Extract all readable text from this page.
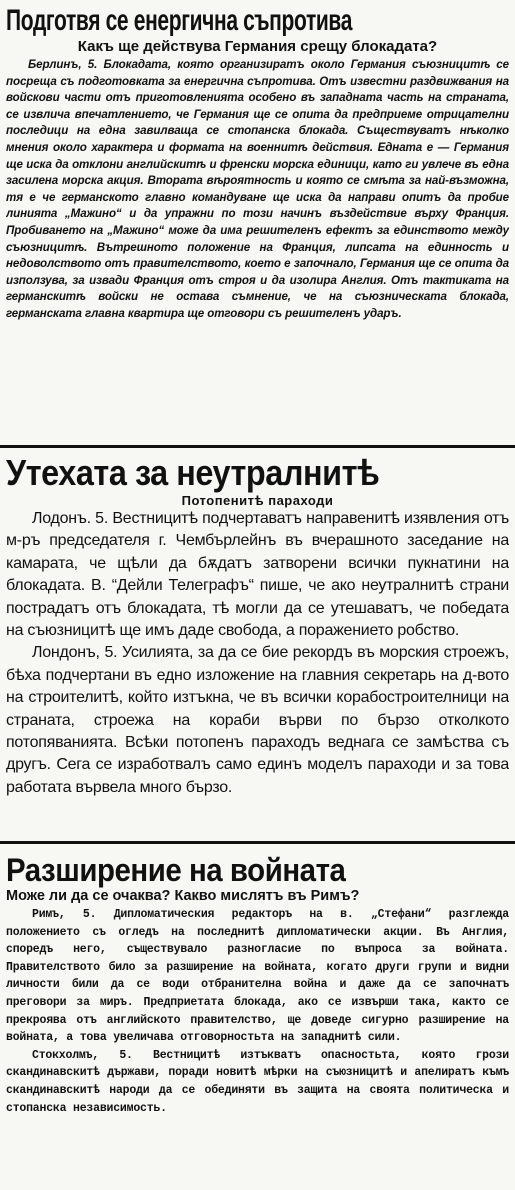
Подготвя се енергична съпротива
Какъ ще действува Германия срещу блокадата?

Берлинъ, 5. Блокадата, която организиратъ около Германия съюзницитѣ се посреща съ подготовката за енергична съпротива. Отъ известни раздвижвания на войскови части отъ приготовленията особено въ западната часть на страната, се извлича впечатлението, че Германия ще се опита да предприеме отрицателни последици на една завилваща се стопанска блокада. Съществуватъ нѣколко мнения около характера и формата на военнитѣ действия. Едната е — Германия ще иска да отклони английскитѣ и френски морска единици, като ги увлече въ една засилена морска акция. Втората вѣроятность и която се смѣта за най-възможна, тя е че германското главно командуване ще иска да направи опитъ да пробие линията „Мажино“ и да упражни по този начинъ въздействие върху Франция. Пробиването на „Мажино“ може да има решителенъ ефектъ за единството между съюзницитѣ. Вътрешното положение на Франция, липсата на единность и недоволството отъ правителството, което е започнало, Германия ще се опита да използува, за извади Франция отъ строя и да изолира Англия. Отъ тактиката на германскитѣ войски не остава съмнение, че на съюзническата блокада, германската главна квартира ще отговори съ решителенъ ударъ.

Утехата за неутралнитѣ
Потопенитѣ параходи

Лодонъ. 5. Вестницитѣ подчертаватъ направенитѣ изявления отъ м-ръ председателя г. Чембърлейнъ въ вчерашното заседание на камарата, че щѣли да бѫдатъ затворени всички пукнатини на блокадата. В. “Дейли Телеграфъ“ пише, че ако неутралнитѣ страни пострадатъ отъ блокадата, тѣ могли да се утешаватъ, че победата на съюзницитѣ ще имъ даде свобода, а поражението робство.

Лондонъ, 5. Усилията, за да се бие рекордъ въ морския строежъ, бѣха подчертани въ едно изложение на главния секретарь на д-вото на строителитѣ, който изтъкна, че въ всички корабостроителници на страната, строежа на кораби върви по бързо отколкото потопяванията. Всѣки потопенъ параходъ веднага се замѣства съ другъ. Сега се изработвалъ само единъ моделъ параходи и за това работата вървела много бързо.

Разширение на войната
Може ли да се очаква? Какво мислятъ въ Римъ?

Римъ, 5. Дипломатическия редакторъ на в. „Стефани“ разглежда положението съ огледъ на последнитѣ дипломатически акции. Въ Англия, споредъ него, съществувало разногласие по въпроса за войната. Правителството било за разширение на войната, когато други групи и видни личности били да се води отбранителна война и даже да се започнатъ преговори за миръ. Предприетата блокада, ако се извърши така, както се прекроява отъ английското правителство, ще доведе сигурно разширение на войната, а това увеличава отговорностьта на западнитѣ сили.

Стокхолмъ, 5. Вестницитѣ изтъкватъ опасностьта, която грози скандинавскитѣ държави, поради новитѣ мѣрки на съюзницитѣ и апелиратъ къмъ скандинавскитѣ народи да се обединяти въ защита на своята политическа и стопанска независимость.
